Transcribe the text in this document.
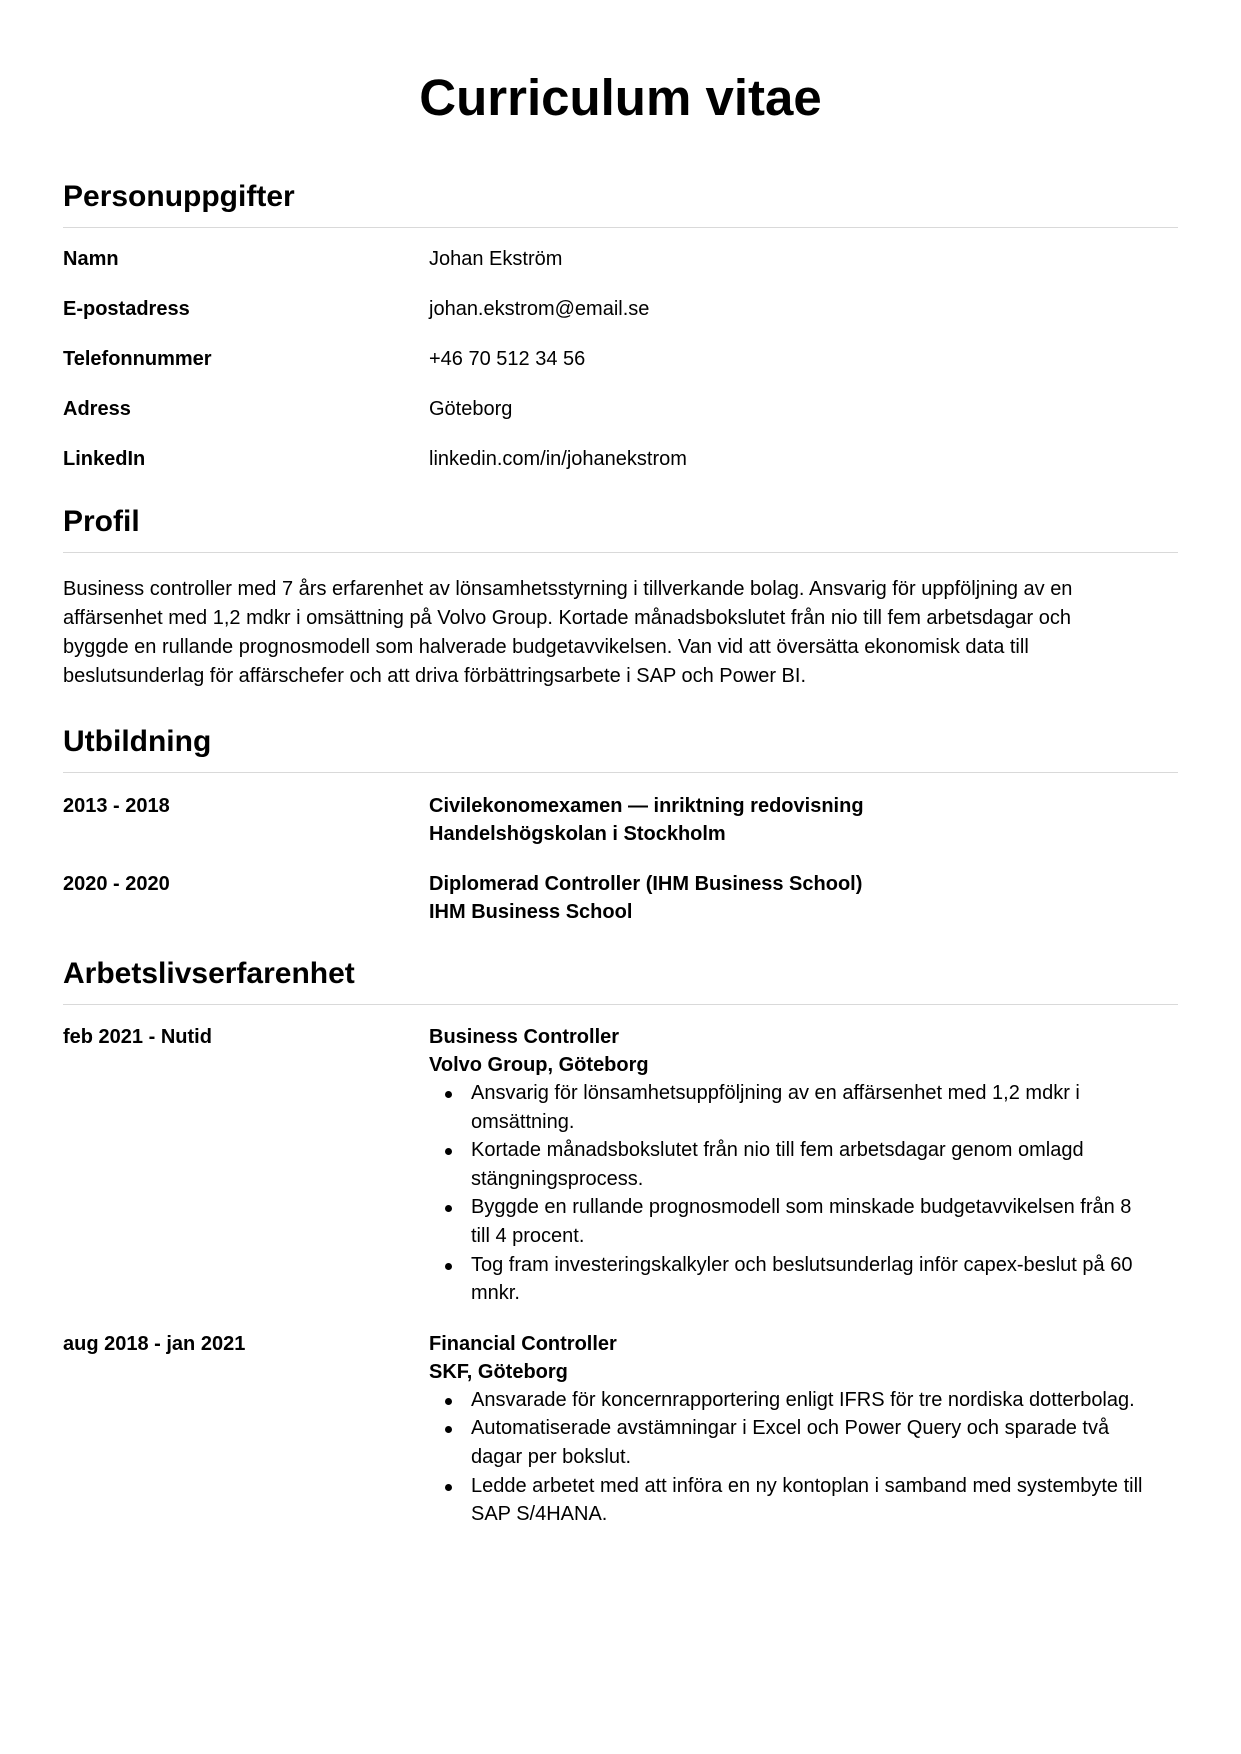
Curriculum vitae
Personuppgifter
Namn	Johan Ekström
E-postadress	johan.ekstrom@email.se
Telefonnummer	+46 70 512 34 56
Adress	Göteborg
LinkedIn	linkedin.com/in/johanekstrom
Profil
Business controller med 7 års erfarenhet av lönsamhetsstyrning i tillverkande bolag. Ansvarig för uppföljning av en
affärsenhet med 1,2 mdkr i omsättning på Volvo Group. Kortade månadsbokslutet från nio till fem arbetsdagar och
byggde en rullande prognosmodell som halverade budgetavvikelsen. Van vid att översätta ekonomisk data till
beslutsunderlag för affärschefer och att driva förbättringsarbete i SAP och Power BI.
Utbildning
2013 - 2018	Civilekonomexamen — inriktning redovisning
Handelshögskolan i Stockholm
2020 - 2020	Diplomerad Controller (IHM Business School)
IHM Business School
Arbetslivserfarenhet
feb 2021 - Nutid	Business Controller
Volvo Group, Göteborg
Ansvarig för lönsamhetsuppföljning av en affärsenhet med 1,2 mdkr i
omsättning.
Kortade månadsbokslutet från nio till fem arbetsdagar genom omlagd
stängningsprocess.
Byggde en rullande prognosmodell som minskade budgetavvikelsen från 8
till 4 procent.
Tog fram investeringskalkyler och beslutsunderlag inför capex-beslut på 60
mnkr.
aug 2018 - jan 2021	Financial Controller
SKF, Göteborg
Ansvarade för koncernrapportering enligt IFRS för tre nordiska dotterbolag.
Automatiserade avstämningar i Excel och Power Query och sparade två
dagar per bokslut.
Ledde arbetet med att införa en ny kontoplan i samband med systembyte till
SAP S/4HANA.
